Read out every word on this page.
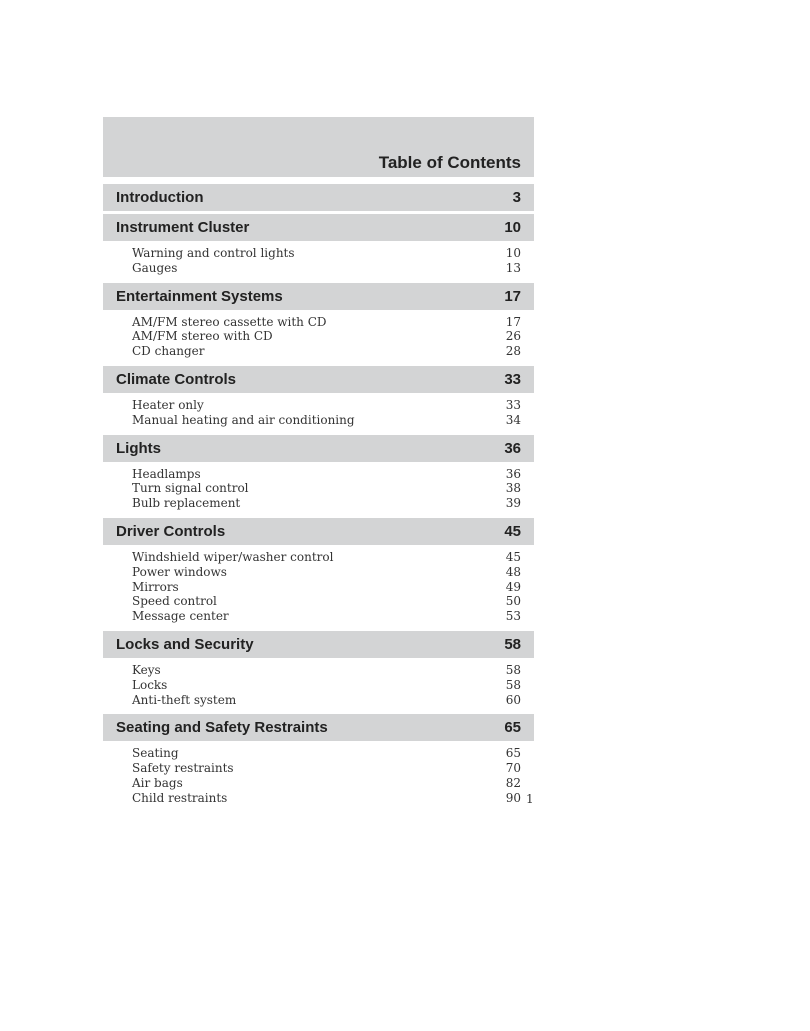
Table of Contents
Introduction	3
Instrument Cluster	10
Warning and control lights	10
Gauges	13
Entertainment Systems	17
AM/FM stereo cassette with CD	17
AM/FM stereo with CD	26
CD changer	28
Climate Controls	33
Heater only	33
Manual heating and air conditioning	34
Lights	36
Headlamps	36
Turn signal control	38
Bulb replacement	39
Driver Controls	45
Windshield wiper/washer control	45
Power windows	48
Mirrors	49
Speed control	50
Message center	53
Locks and Security	58
Keys	58
Locks	58
Anti-theft system	60
Seating and Safety Restraints	65
Seating	65
Safety restraints	70
Air bags	82
Child restraints	90 1
